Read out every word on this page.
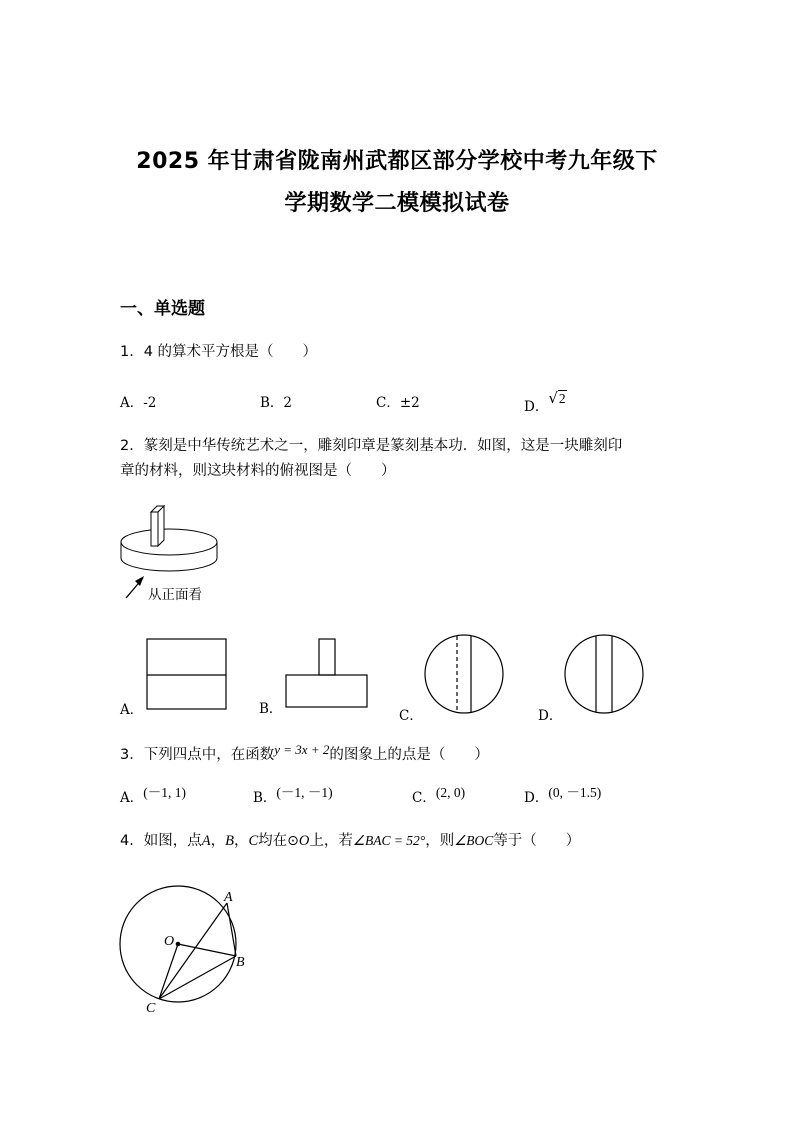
2025 年甘肃省陇南州武都区部分学校中考九年级下
学期数学二模模拟试卷
一、单选题
1．4 的算术平方根是（　　）
A．-2	B．2	C．±2	D．√2
2．篆刻是中华传统艺术之一，雕刻印章是篆刻基本功．如图，这是一块雕刻印
章的材料，则这块材料的俯视图是（　　）
从正面看
A．	B．	C．	D．
3．下列四点中，在函数y = 3x + 2的图象上的点是（　　）
A．(－1, 1)	B．(－1, －1)	C．(2, 0)	D．(0, －1.5)
4．如图，点A，B，C均在⊙O上，若∠BAC = 52°，则∠BOC等于（　　）
A
B
C
O
